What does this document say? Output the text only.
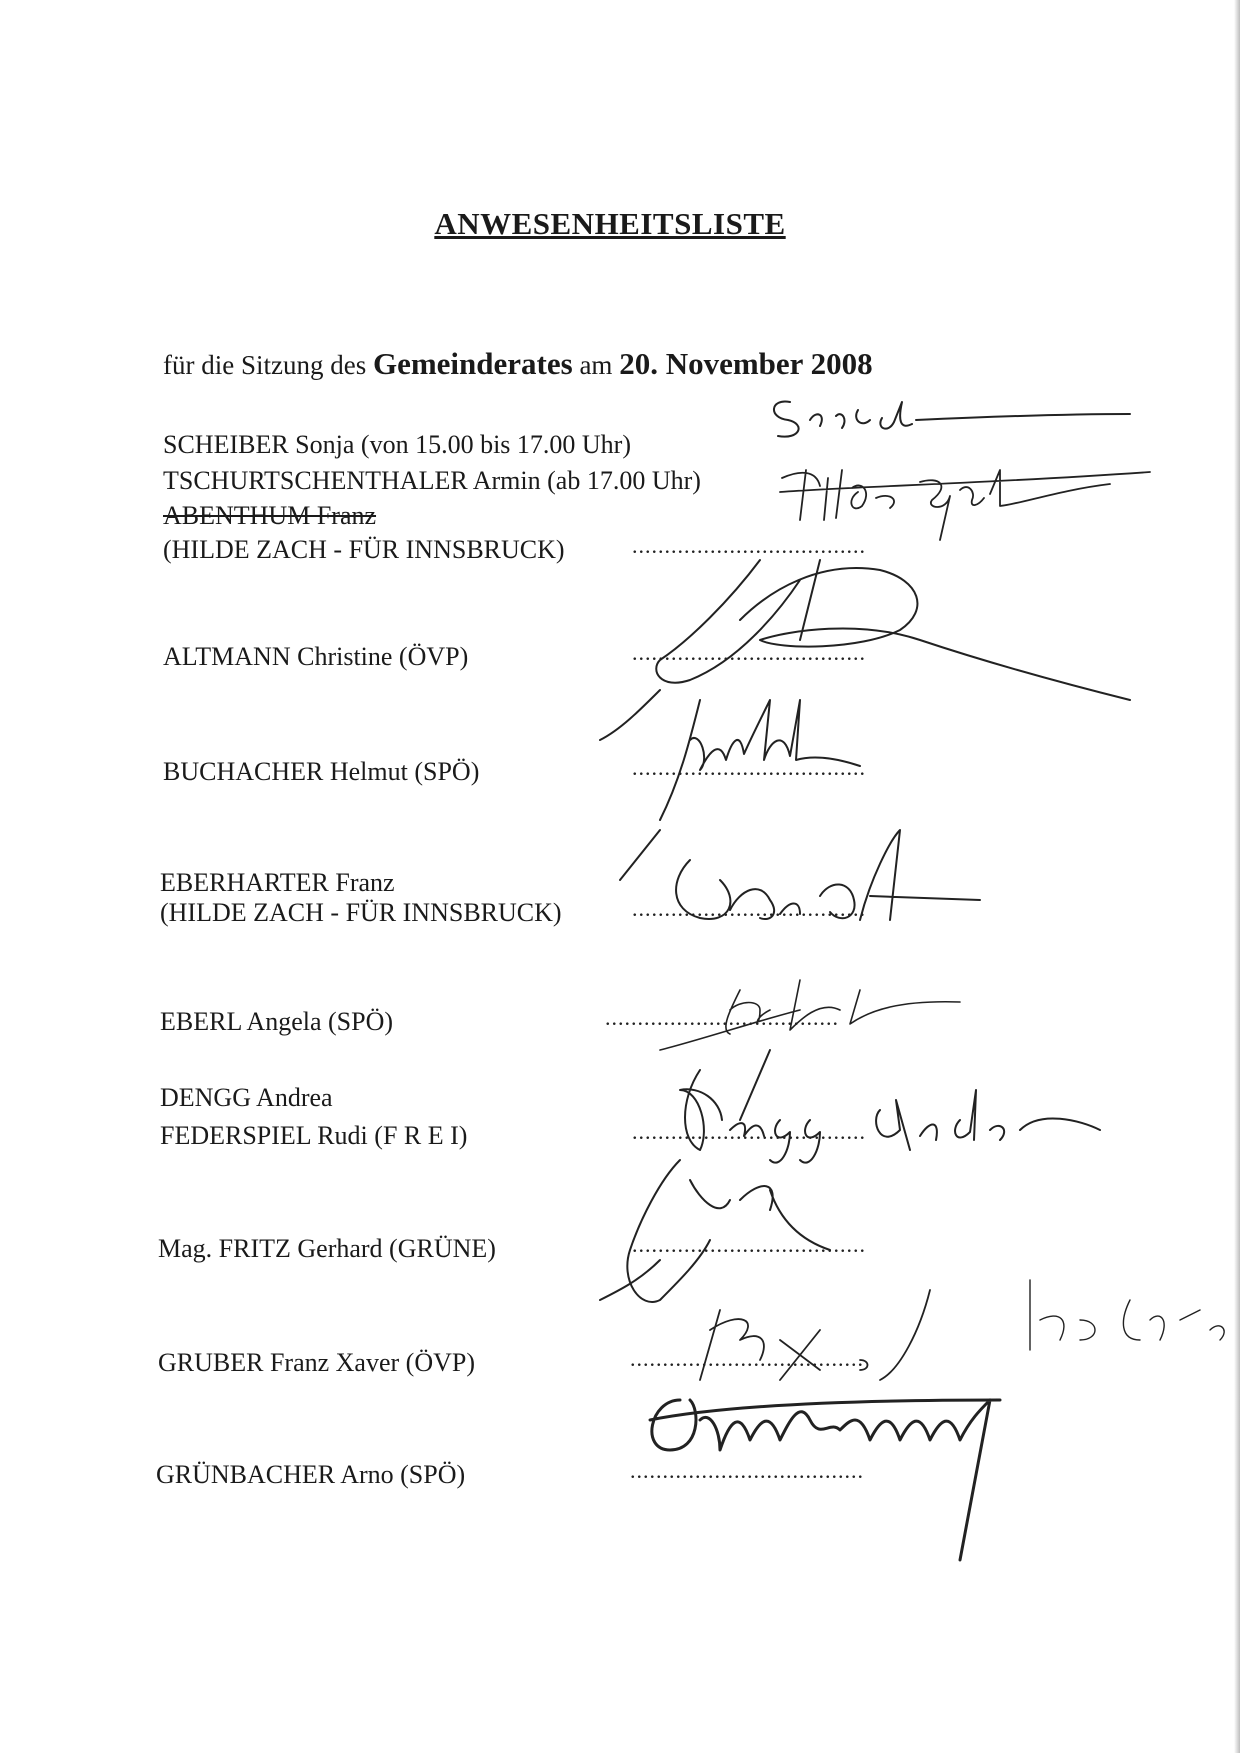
ANWESENHEITSLISTE
für die Sitzung des Gemeinderates am 20. November 2008
SCHEIBER Sonja (von 15.00 bis 17.00 Uhr)
TSCHURTSCHENTHALER Armin (ab 17.00 Uhr)
ABENTHUM Franz
(HILDE ZACH - FÜR INNSBRUCK)
ALTMANN Christine (ÖVP)
BUCHACHER Helmut (SPÖ)
EBERHARTER Franz
(HILDE ZACH - FÜR INNSBRUCK)
EBERL Angela (SPÖ)
DENGG Andrea
FEDERSPIEL Rudi (F R E I)
Mag. FRITZ Gerhard (GRÜNE)
GRUBER Franz Xaver (ÖVP)
GRÜNBACHER Arno (SPÖ)
....................................
....................................
....................................
....................................
....................................
....................................
....................................
....................................
....................................
